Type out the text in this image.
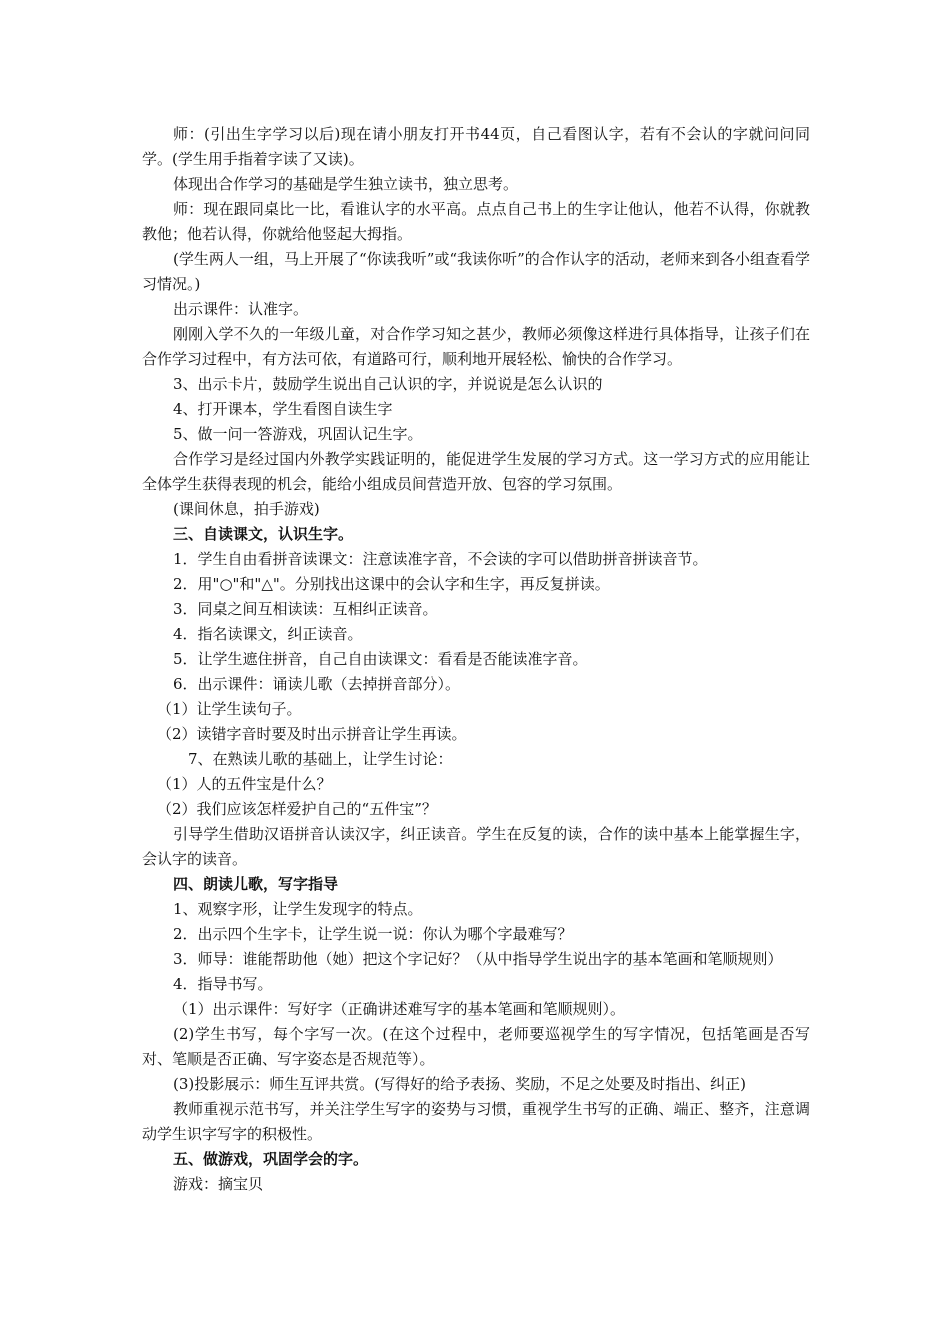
师：(引出生字学习以后)现在请小朋友打开书44页，自己看图认字，若有不会认的字就问问同学。(学生用手指着字读了又读)。

体现出合作学习的基础是学生独立读书，独立思考。

师：现在跟同桌比一比，看谁认字的水平高。点点自己书上的生字让他认，他若不认得，你就教教他；他若认得，你就给他竖起大拇指。

(学生两人一组，马上开展了“你读我听”或“我读你听”的合作认字的活动，老师来到各小组查看学习情况。)

出示课件：认准字。

刚刚入学不久的一年级儿童，对合作学习知之甚少，教师必须像这样进行具体指导，让孩子们在合作学习过程中，有方法可依，有道路可行，顺利地开展轻松、愉快的合作学习。

3、出示卡片，鼓励学生说出自己认识的字，并说说是怎么认识的

4、打开课本，学生看图自读生字

5、做一问一答游戏，巩固认记生字。

合作学习是经过国内外教学实践证明的，能促进学生发展的学习方式。这一学习方式的应用能让全体学生获得表现的机会，能给小组成员间营造开放、包容的学习氛围。

(课间休息，拍手游戏)

三、自读课文，认识生字。

1．学生自由看拼音读课文：注意读准字音，不会读的字可以借助拼音拼读音节。

2．用"○"和"△"。分别找出这课中的会认字和生字，再反复拼读。

3．同桌之间互相读读：互相纠正读音。

4．指名读课文，纠正读音。

5．让学生遮住拼音，自己自由读课文：看看是否能读准字音。

6．出示课件：诵读儿歌（去掉拼音部分）。

（1）让学生读句子。

（2）读错字音时要及时出示拼音让学生再读。

7、在熟读儿歌的基础上，让学生讨论：

（1）人的五件宝是什么？

（2）我们应该怎样爱护自己的“五件宝”？

引导学生借助汉语拼音认读汉字，纠正读音。学生在反复的读，合作的读中基本上能掌握生字，会认字的读音。

四、朗读儿歌，写字指导

1、观察字形，让学生发现字的特点。

2．出示四个生字卡，让学生说一说：你认为哪个字最难写？

3．师导：谁能帮助他（她）把这个字记好？（从中指导学生说出字的基本笔画和笔顺规则）

4．指导书写。

（1）出示课件：写好字（正确讲述难写字的基本笔画和笔顺规则）。

(2)学生书写，每个字写一次。(在这个过程中，老师要巡视学生的写字情况，包括笔画是否写对、笔顺是否正确、写字姿态是否规范等）。

(3)投影展示：师生互评共赏。(写得好的给予表扬、奖励，不足之处要及时指出、纠正)

教师重视示范书写，并关注学生写字的姿势与习惯，重视学生书写的正确、端正、整齐，注意调动学生识字写字的积极性。

五、做游戏，巩固学会的字。

游戏：摘宝贝
